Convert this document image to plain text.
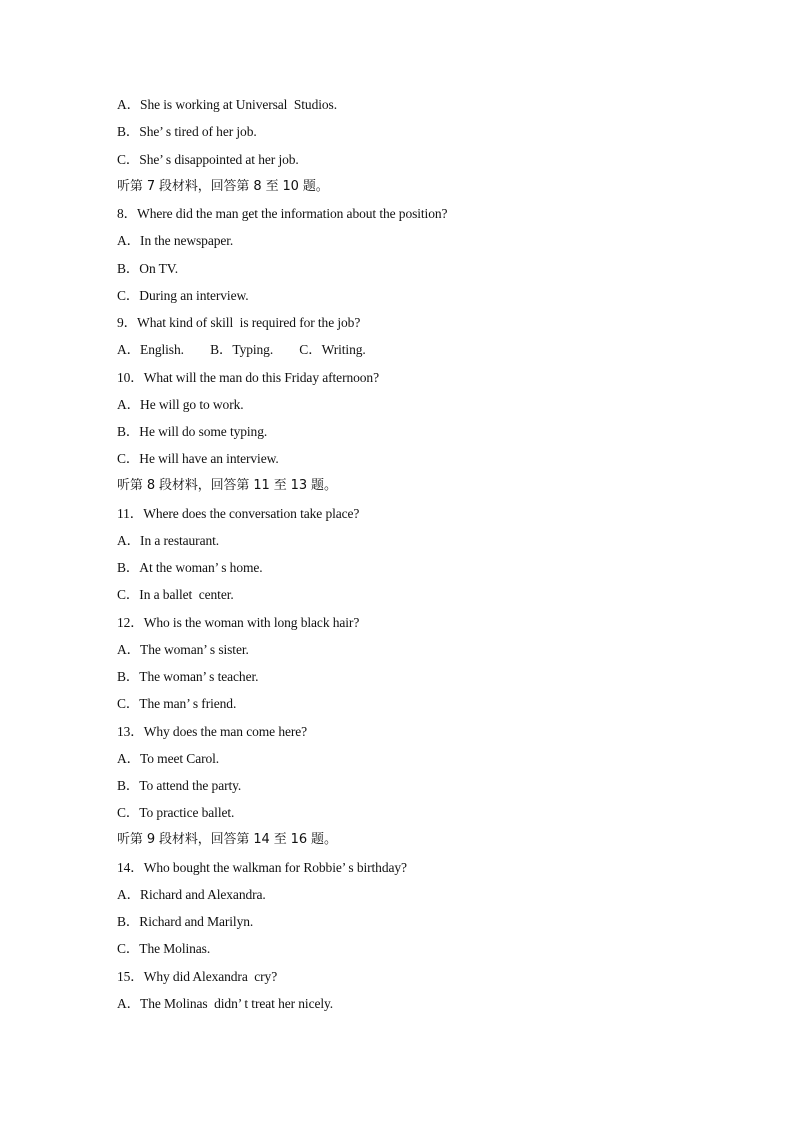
A．She is working at Universal  Studios.
B．She’ s tired of her job.
C．She’ s disappointed at her job.
听第 7 段材料，回答第 8 至 10 题。
8．Where did the man get the information about the position?
A．In the newspaper.
B．On TV.
C．During an interview.
9．What kind of skill  is required for the job?
A．English.        B．Typing.        C．Writing.
10．What will the man do this Friday afternoon?
A．He will go to work.
B．He will do some typing.
C．He will have an interview.
听第 8 段材料，回答第 11 至 13 题。
11．Where does the conversation take place?
A．In a restaurant.
B．At the woman’ s home.
C．In a ballet  center.
12．Who is the woman with long black hair?
A．The woman’ s sister.
B．The woman’ s teacher.
C．The man’ s friend.
13．Why does the man come here?
A．To meet Carol.
B．To attend the party.
C．To practice ballet.
听第 9 段材料，回答第 14 至 16 题。
14．Who bought the walkman for Robbie’ s birthday?
A．Richard and Alexandra.
B．Richard and Marilyn.
C．The Molinas.
15．Why did Alexandra  cry?
A．The Molinas  didn’ t treat her nicely.
